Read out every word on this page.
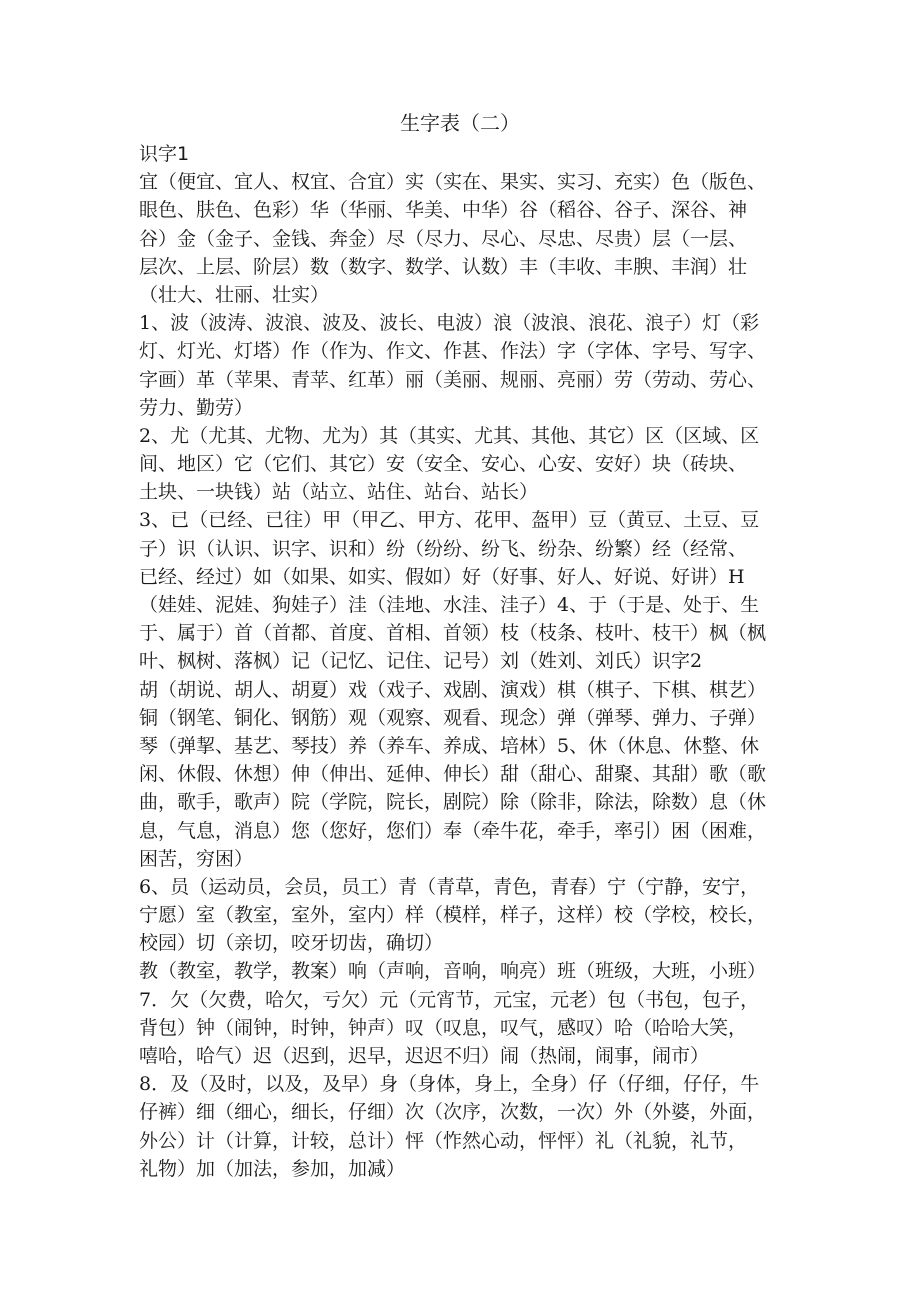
生字表（二）
识字1
宜（便宜、宜人、权宜、合宜）实（实在、果实、实习、充实）色（版色、
眼色、肤色、色彩）华（华丽、华美、中华）谷（稻谷、谷子、深谷、神
谷）金（金子、金钱、奔金）尽（尽力、尽心、尽忠、尽贵）层（一层、
层次、上层、阶层）数（数字、数学、认数）丰（丰收、丰腴、丰润）壮
（壮大、壮丽、壮实）
1、波（波涛、波浪、波及、波长、电波）浪（波浪、浪花、浪子）灯（彩
灯、灯光、灯塔）作（作为、作文、作甚、作法）字（字体、字号、写字、
字画）革（苹果、青苹、红革）丽（美丽、规丽、亮丽）劳（劳动、劳心、
劳力、勤劳）
2、尤（尤其、尤物、尤为）其（其实、尤其、其他、其它）区（区域、区
间、地区）它（它们、其它）安（安全、安心、心安、安好）块（砖块、
土块、一块钱）站（站立、站住、站台、站长）
3、已（已经、已往）甲（甲乙、甲方、花甲、盔甲）豆（黄豆、土豆、豆
子）识（认识、识字、识和）纷（纷纷、纷飞、纷杂、纷繁）经（经常、
已经、经过）如（如果、如实、假如）好（好事、好人、好说、好讲）H
（娃娃、泥娃、狗娃子）洼（洼地、水洼、洼子）4、于（于是、处于、生
于、属于）首（首都、首度、首相、首领）枝（枝条、枝叶、枝干）枫（枫
叶、枫树、落枫）记（记忆、记住、记号）刘（姓刘、刘氏）识字2
胡（胡说、胡人、胡夏）戏（戏子、戏剧、演戏）棋（棋子、下棋、棋艺）
铜（钢笔、铜化、钢筋）观（观察、观看、现念）弹（弹琴、弹力、子弹）
琴（弹挈、基艺、琴技）养（养车、养成、培林）5、休（休息、休整、休
闲、休假、休想）伸（伸出、延伸、伸长）甜（甜心、甜聚、其甜）歌（歌
曲，歌手，歌声）院（学院，院长，剧院）除（除非，除法，除数）息（休
息，气息，消息）您（您好，您们）奉（牵牛花，牵手，率引）困（困难，
困苦，穷困）
6、员（运动员，会员，员工）青（青草，青色，青春）宁（宁静，安宁，
宁愿）室（教室，室外，室内）样（模样，样子，这样）校（学校，校长，
校园）切（亲切，咬牙切齿，确切）
教（教室，教学，教案）响（声响，音响，响亮）班（班级，大班，小班）
7．欠（欠费，哈欠，亏欠）元（元宵节，元宝，元老）包（书包，包子，
背包）钟（闹钟，时钟，钟声）叹（叹息，叹气，感叹）哈（哈哈大笑，
嘻哈，哈气）迟（迟到，迟早，迟迟不归）闹（热闹，闹事，闹市）
8．及（及时，以及，及早）身（身体，身上，全身）仔（仔细，仔仔，牛
仔裤）细（细心，细长，仔细）次（次序，次数，一次）外（外婆，外面，
外公）计（计算，计较，总计）怦（怍然心动，怦怦）礼（礼貌，礼节，
礼物）加（加法，参加，加减）
